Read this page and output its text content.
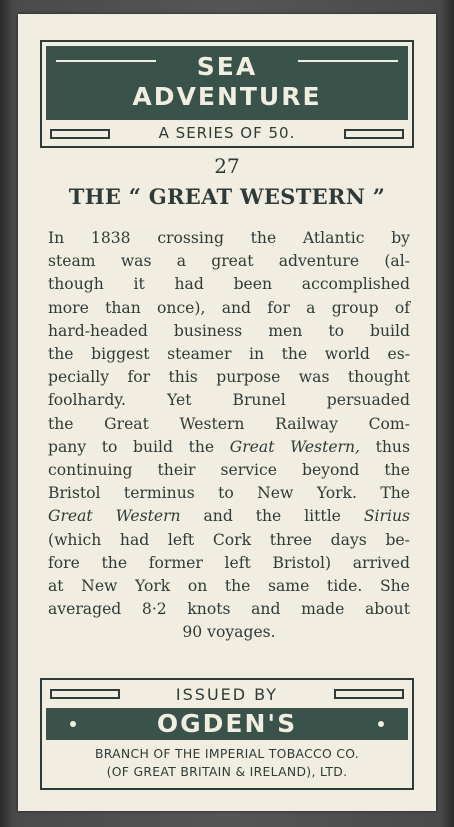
SEA
ADVENTURE
A SERIES OF 50.
27
THE “ GREAT WESTERN ”
In 1838 crossing the Atlantic by
steam was a great adventure (al-
though it had been accomplished
more than once), and for a group of
hard-headed business men to build
the biggest steamer in the world es-
pecially for this purpose was thought
foolhardy.	Yet	Brunel	persuaded
the Great Western Railway Com-
pany to build the Great Western, thus
continuing their service beyond the
Bristol terminus to New York. The
Great Western and the little Sirius
(which had left Cork three days be-
fore the former left Bristol) arrived
at New York on the same tide. She
averaged 8·2 knots and made about
90 voyages.
ISSUED BY
OGDEN'S
BRANCH OF THE IMPERIAL TOBACCO CO.
(OF GREAT BRITAIN & IRELAND), LTD.
